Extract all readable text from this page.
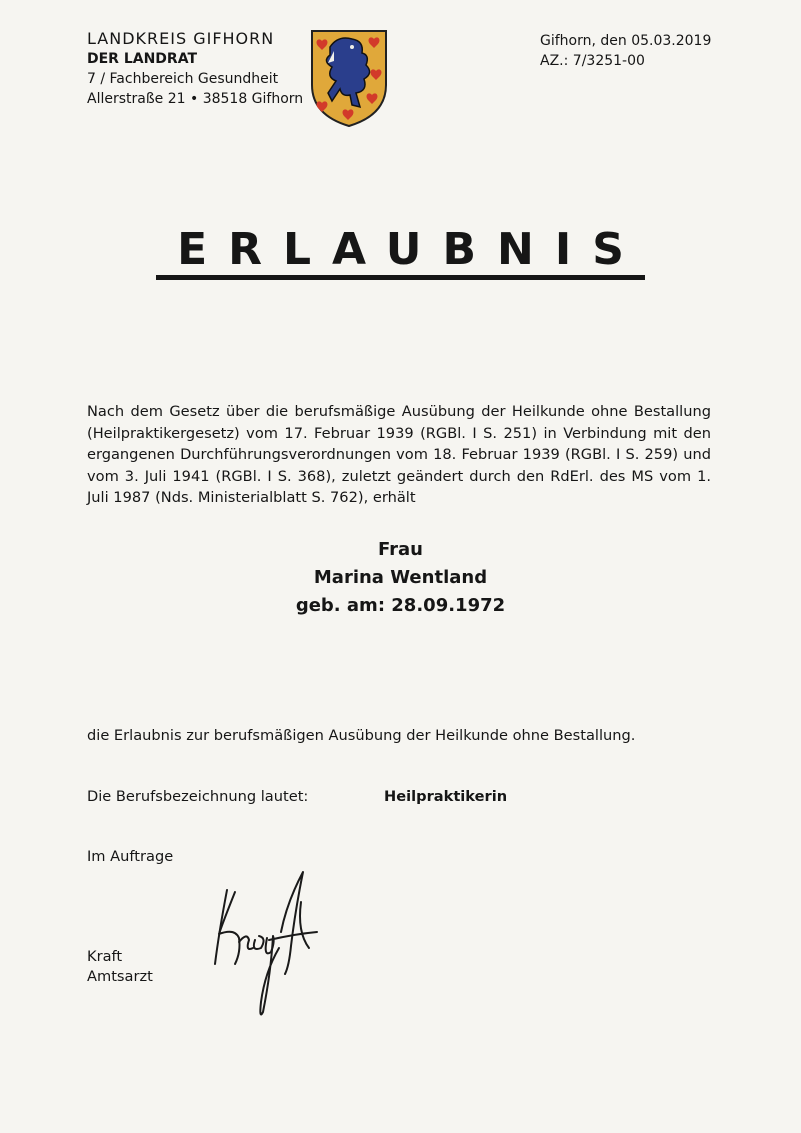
LANDKREIS GIFHORN
DER LANDRAT
7 / Fachbereich Gesundheit
Allerstraße 21 • 38518 Gifhorn
Gifhorn, den 05.03.2019
AZ.: 7/3251-00
ERLAUBNIS
Nach dem Gesetz über die berufsmäßige Ausübung der Heilkunde ohne Bestallung (Heilpraktikergesetz) vom 17. Februar 1939 (RGBl. I S. 251) in Verbindung mit den ergangenen Durchführungsverordnungen vom 18. Februar 1939 (RGBl. I S. 259) und vom 3. Juli 1941 (RGBl. I S. 368), zuletzt geändert durch den RdErl. des MS vom 1. Juli 1987 (Nds. Ministerialblatt S. 762), erhält
Frau
Marina Wentland
geb. am: 28.09.1972
die Erlaubnis zur berufsmäßigen Ausübung der Heilkunde ohne Bestallung.
Die Berufsbezeichnung lautet:	Heilpraktikerin
Im Auftrage
Kraft
Amtsarzt
